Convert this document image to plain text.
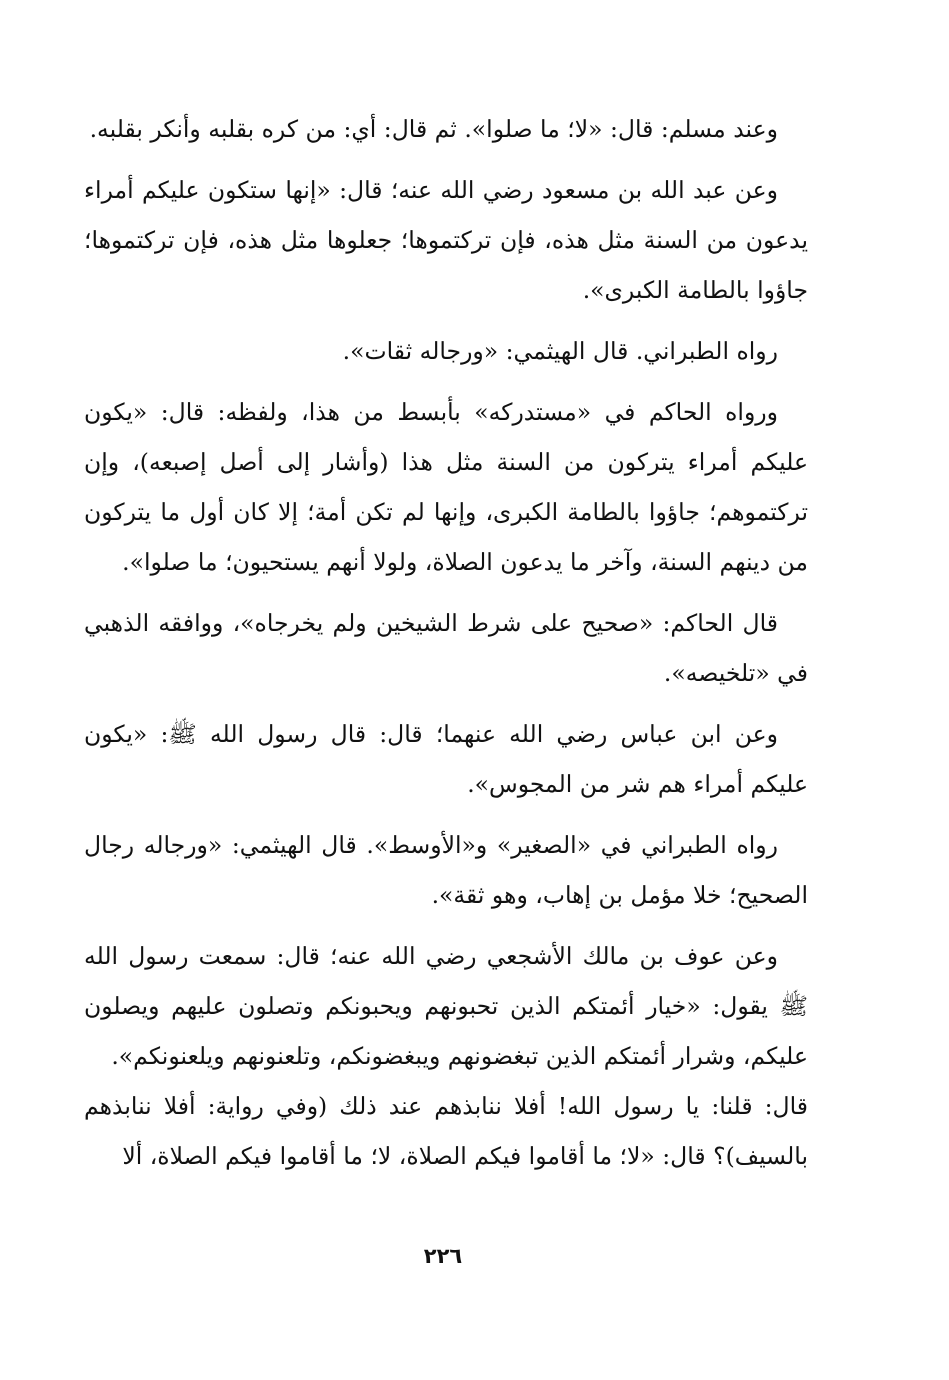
وعند مسلم: قال: «لا؛ ما صلوا». ثم قال: أي: من كره بقلبه وأنكر بقلبه.

وعن عبد الله بن مسعود رضي الله عنه؛ قال: «إنها ستكون عليكم أمراء يدعون من السنة مثل هذه، فإن تركتموها؛ جعلوها مثل هذه، فإن تركتموها؛ جاؤوا بالطامة الكبرى».

رواه الطبراني. قال الهيثمي: «ورجاله ثقات».

ورواه الحاكم في «مستدركه» بأبسط من هذا، ولفظه: قال: «يكون عليكم أمراء يتركون من السنة مثل هذا (وأشار إلى أصل إصبعه)، وإن تركتموهم؛ جاؤوا بالطامة الكبرى، وإنها لم تكن أمة؛ إلا كان أول ما يتركون من دينهم السنة، وآخر ما يدعون الصلاة، ولولا أنهم يستحيون؛ ما صلوا».

قال الحاكم: «صحيح على شرط الشيخين ولم يخرجاه»، ووافقه الذهبي في «تلخيصه».

وعن ابن عباس رضي الله عنهما؛ قال: قال رسول الله ﷺ: «يكون عليكم أمراء هم شر من المجوس».

رواه الطبراني في «الصغير» و«الأوسط». قال الهيثمي: «ورجاله رجال الصحيح؛ خلا مؤمل بن إهاب، وهو ثقة».

وعن عوف بن مالك الأشجعي رضي الله عنه؛ قال: سمعت رسول الله ﷺ يقول: «خيار أئمتكم الذين تحبونهم ويحبونكم وتصلون عليهم ويصلون عليكم، وشرار أئمتكم الذين تبغضونهم ويبغضونكم، وتلعنونهم ويلعنونكم».

قال: قلنا: يا رسول الله! أفلا ننابذهم عند ذلك (وفي رواية: أفلا ننابذهم بالسيف)؟ قال: «لا؛ ما أقاموا فيكم الصلاة، لا؛ ما أقاموا فيكم الصلاة، ألا

٢٢٦
